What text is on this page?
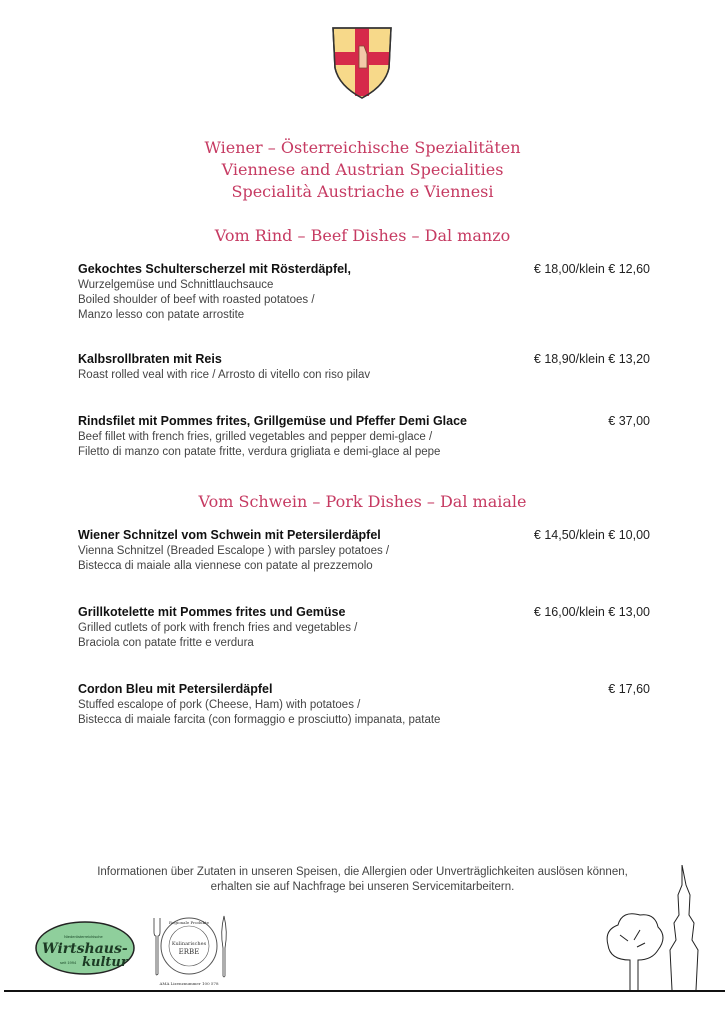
Wiener – Österreichische Spezialitäten
Viennese and Austrian Specialities
Specialità Austriache e Viennesi
Vom Rind – Beef Dishes – Dal manzo
Gekochtes Schulterscherzel mit Rösterdäpfel,	€ 18,00/klein € 12,60
Wurzelgemüse und Schnittlauchsauce
Boiled shoulder of beef with roasted potatoes /
Manzo lesso con patate arrostite
Kalbsrollbraten mit Reis	€ 18,90/klein € 13,20
Roast rolled veal with rice / Arrosto di vitello con riso pilav
Rindsfilet mit Pommes frites, Grillgemüse und Pfeffer Demi Glace	€ 37,00
Beef fillet with french fries, grilled vegetables and pepper demi-glace /
Filetto di manzo con patate fritte, verdura grigliata e demi-glace al pepe
Vom Schwein – Pork Dishes – Dal maiale
Wiener Schnitzel vom Schwein mit Petersilerdäpfel	€ 14,50/klein € 10,00
Vienna Schnitzel (Breaded Escalope ) with parsley potatoes /
Bistecca di maiale alla viennese con patate al prezzemolo
Grillkotelette mit Pommes frites und Gemüse	€ 16,00/klein € 13,00
Grilled cutlets of pork with french fries and vegetables /
Braciola con patate fritte e verdura
Cordon Bleu mit Petersilerdäpfel	€ 17,60
Stuffed escalope of pork (Cheese, Ham) with potatoes /
Bistecca di maiale farcita (con formaggio e prosciutto) impanata, patate
Informationen über Zutaten in unseren Speisen, die Allergien oder Unverträglichkeiten auslösen können,
erhalten sie auf Nachfrage bei unseren Servicemitarbeitern.
Niederösterreichische
Wirtshaus-
kultur
seit 1994
Regionale Produkte
Kulinarisches
ERBE
AMA Lizenznummer 100 578
